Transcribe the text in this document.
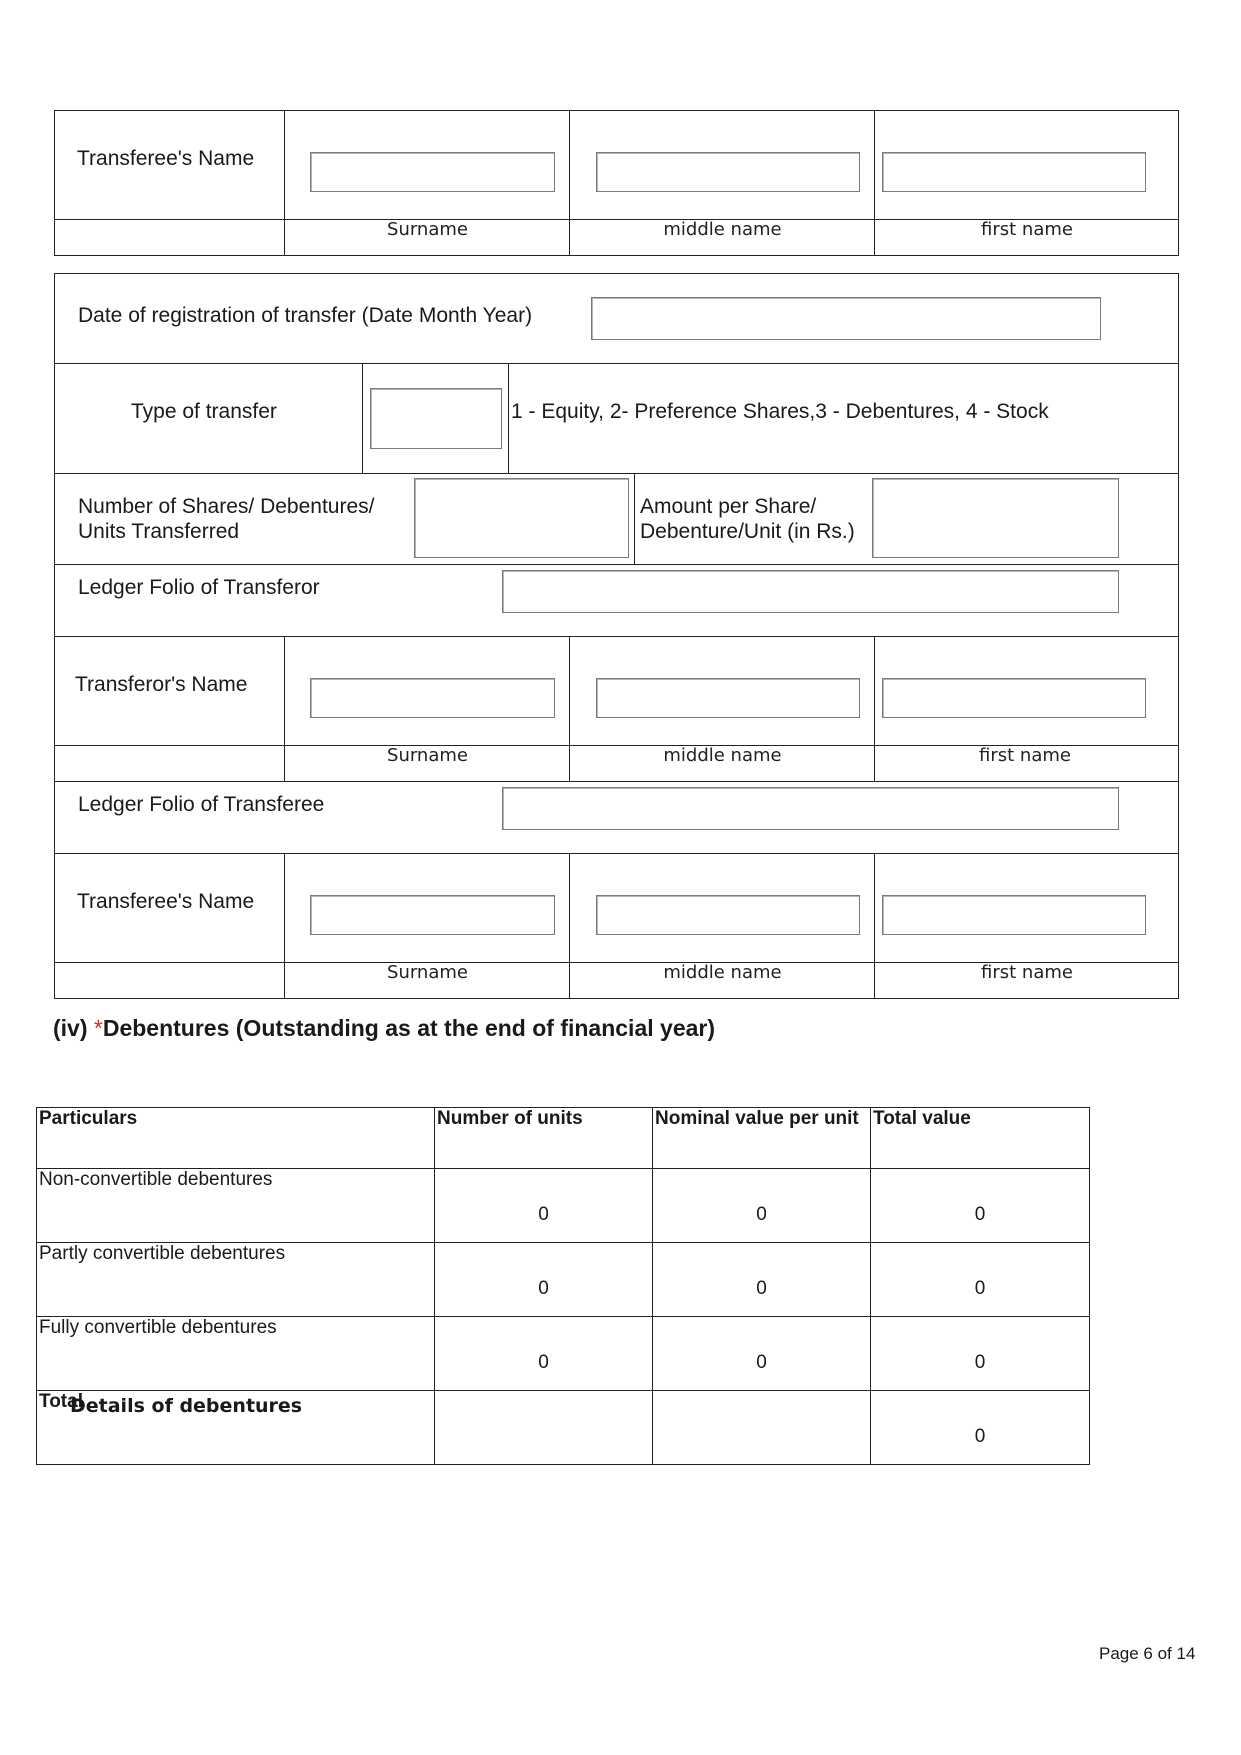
Transferee's Name
Surname	middle name	first name
Date of registration of transfer (Date Month Year)
Type of transfer	1 - Equity, 2- Preference Shares,3 - Debentures, 4 - Stock
Number of Shares/ Debentures/
Units Transferred
Amount per Share/
Debenture/Unit (in Rs.)
Ledger Folio of Transferor
Transferor's Name
Surname	middle name	first name
Ledger Folio of Transferee
Transferee's Name
Surname	middle name	first name
(iv) *Debentures (Outstanding as at the end of financial year)
Particulars	Number of units	Nominal value per unit	Total value

Non-convertible debentures	0	0	0

Partly convertible debentures	0	0	0

Fully convertible debentures	0	0	0

Total			0
Details of debentures
Page 6 of 14
